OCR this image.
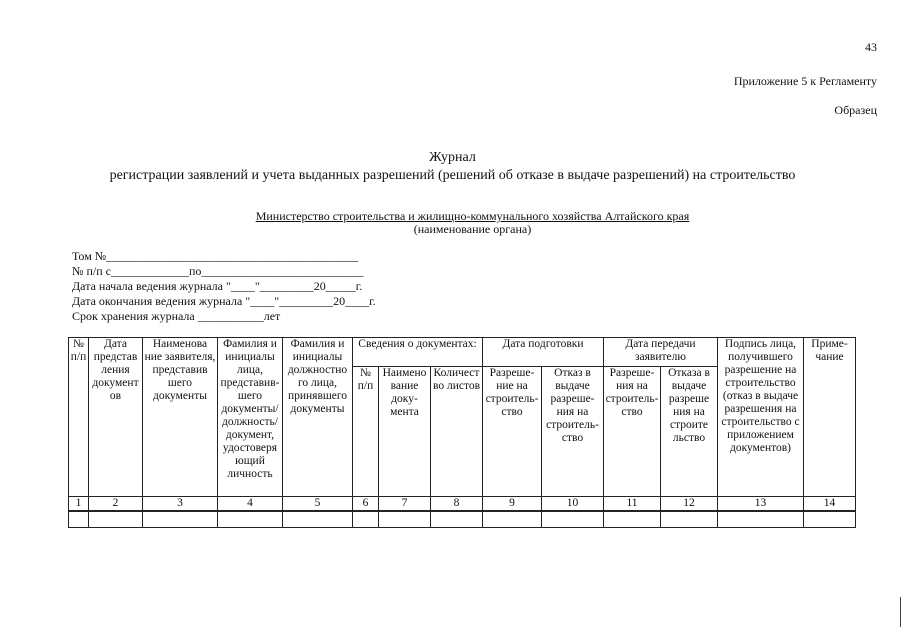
43
Приложение 5 к Регламенту
Образец
Журнал
регистрации заявлений и учета выданных разрешений (решений об отказе в выдаче разрешений) на строительство
Министерство строительства и жилищно-коммунального хозяйства Алтайского края
(наименование органа)
Том №__________________________________________
№ п/п с_____________по___________________________
Дата начала ведения журнала "____"_________20_____г.
Дата окончания ведения журнала "____"_________20____г.
Срок хранения журнала ___________лет
№ п/п	Дата представ ления документ ов	Наименова ние заявителя, представив шего документы	Фамилия и инициалы лица, представив- шего документы/ должность/ документ, удостоверя ющий личность	Фамилия и инициалы должностно го лица, принявшего документы	Сведения о документах:			Дата подготовки		Дата передачи заявителю		Подпись лица, получившего разрешение на строительство (отказ в выдаче разрешения на строительство с приложением документов)	Приме- чание
					№ п/п	Наимено вание доку- мента	Количест во листов	Разреше- ние на строитель- ство	Отказ в выдаче разреше- ния на строитель- ство	Разреше- ния на строитель- ство	Отказа в выдаче разреше ния на строите льство		
1	2	3	4	5	6	7	8	9	10	11	12	13	14
